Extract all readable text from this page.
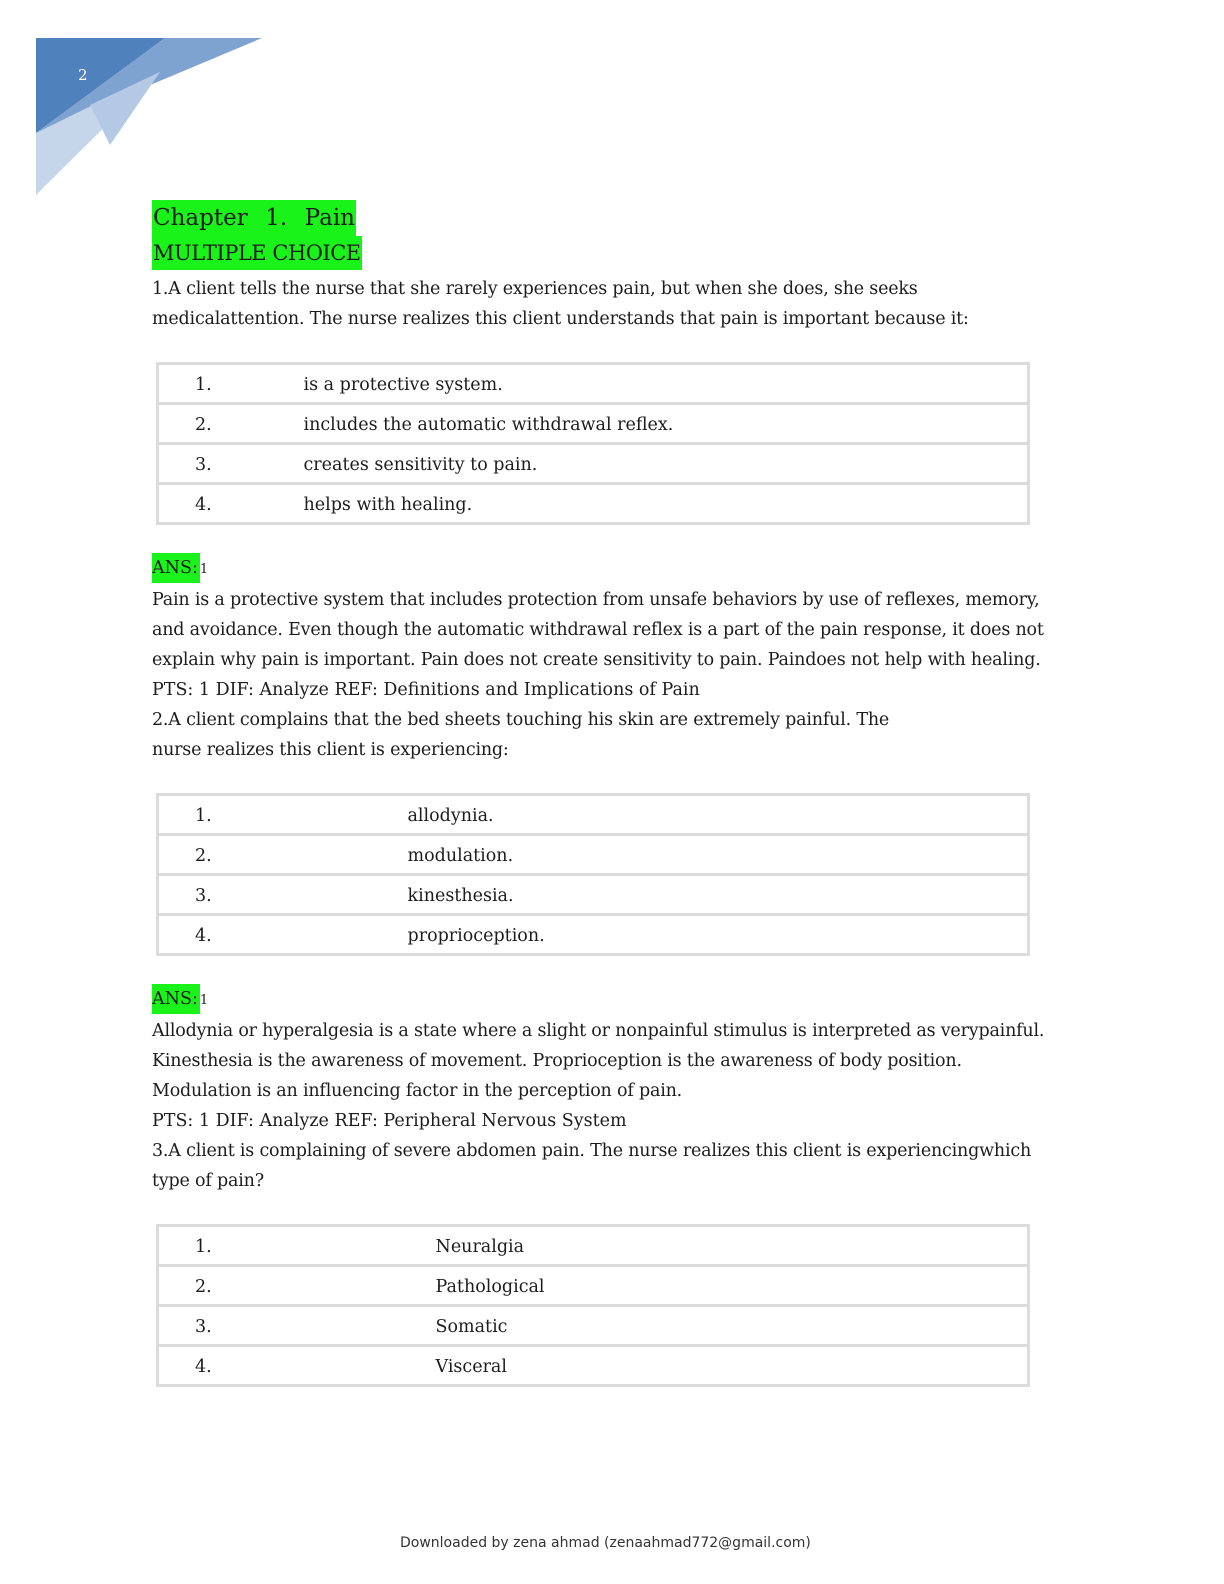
2
Chapter 1. Pain
MULTIPLE CHOICE

1.A client tells the nurse that she rarely experiences pain, but when she does, she seeks medicalattention. The nurse realizes this client understands that pain is important because it:

1.	is a protective system.
2.	includes the automatic withdrawal reflex.
3.	creates sensitivity to pain.
4.	helps with healing.
ANS: 1

Pain is a protective system that includes protection from unsafe behaviors by use of reflexes, memory, and avoidance. Even though the automatic withdrawal reflex is a part of the pain response, it does not explain why pain is important. Pain does not create sensitivity to pain. Paindoes not help with healing.

PTS: 1 DIF: Analyze REF: Definitions and Implications of Pain

2.A client complains that the bed sheets touching his skin are extremely painful. The nurse realizes this client is experiencing:

1.	allodynia.
2.	modulation.
3.	kinesthesia.
4.	proprioception.
ANS: 1

Allodynia or hyperalgesia is a state where a slight or nonpainful stimulus is interpreted as verypainful. Kinesthesia is the awareness of movement. Proprioception is the awareness of body position. Modulation is an influencing factor in the perception of pain.

PTS: 1 DIF: Analyze REF: Peripheral Nervous System

3.A client is complaining of severe abdomen pain. The nurse realizes this client is experiencingwhich type of pain?

1.	Neuralgia
2.	Pathological
3.	Somatic
4.	Visceral
Downloaded by zena ahmad (zenaahmad772@gmail.com)
